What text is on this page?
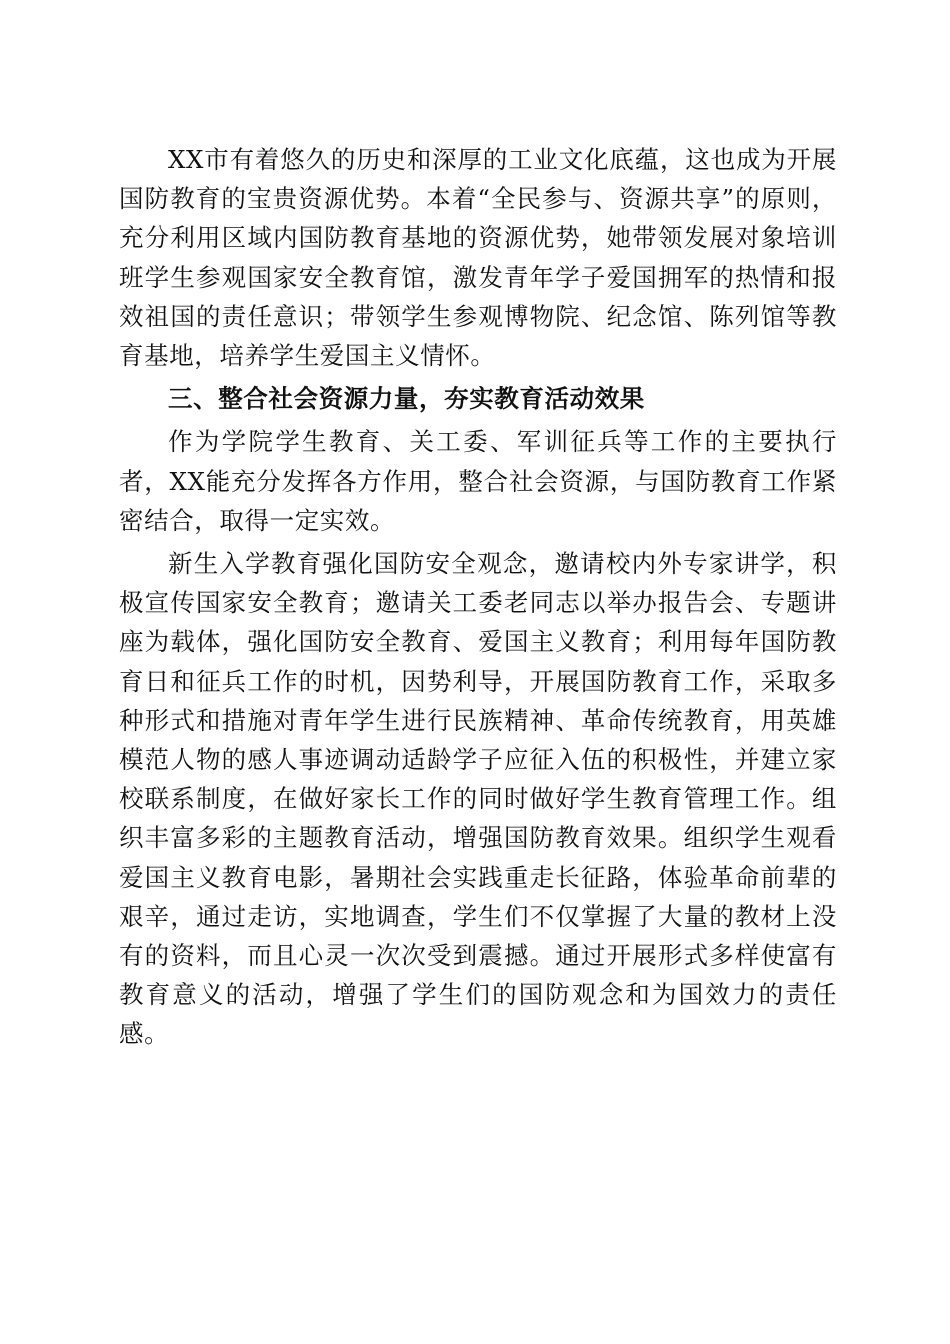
XX市有着悠久的历史和深厚的工业文化底蕴，这也成为开展国防教育的宝贵资源优势。本着“全民参与、资源共享”的原则，充分利用区域内国防教育基地的资源优势，她带领发展对象培训班学生参观国家安全教育馆，激发青年学子爱国拥军的热情和报效祖国的责任意识；带领学生参观博物院、纪念馆、陈列馆等教育基地，培养学生爱国主义情怀。

三、整合社会资源力量，夯实教育活动效果

作为学院学生教育、关工委、军训征兵等工作的主要执行者，XX能充分发挥各方作用，整合社会资源，与国防教育工作紧密结合，取得一定实效。

新生入学教育强化国防安全观念，邀请校内外专家讲学，积极宣传国家安全教育；邀请关工委老同志以举办报告会、专题讲座为载体，强化国防安全教育、爱国主义教育；利用每年国防教育日和征兵工作的时机，因势利导，开展国防教育工作，采取多种形式和措施对青年学生进行民族精神、革命传统教育，用英雄模范人物的感人事迹调动适龄学子应征入伍的积极性，并建立家校联系制度，在做好家长工作的同时做好学生教育管理工作。组织丰富多彩的主题教育活动，增强国防教育效果。组织学生观看爱国主义教育电影，暑期社会实践重走长征路，体验革命前辈的艰辛，通过走访，实地调查，学生们不仅掌握了大量的教材上没有的资料，而且心灵一次次受到震撼。通过开展形式多样使富有教育意义的活动，增强了学生们的国防观念和为国效力的责任感。
